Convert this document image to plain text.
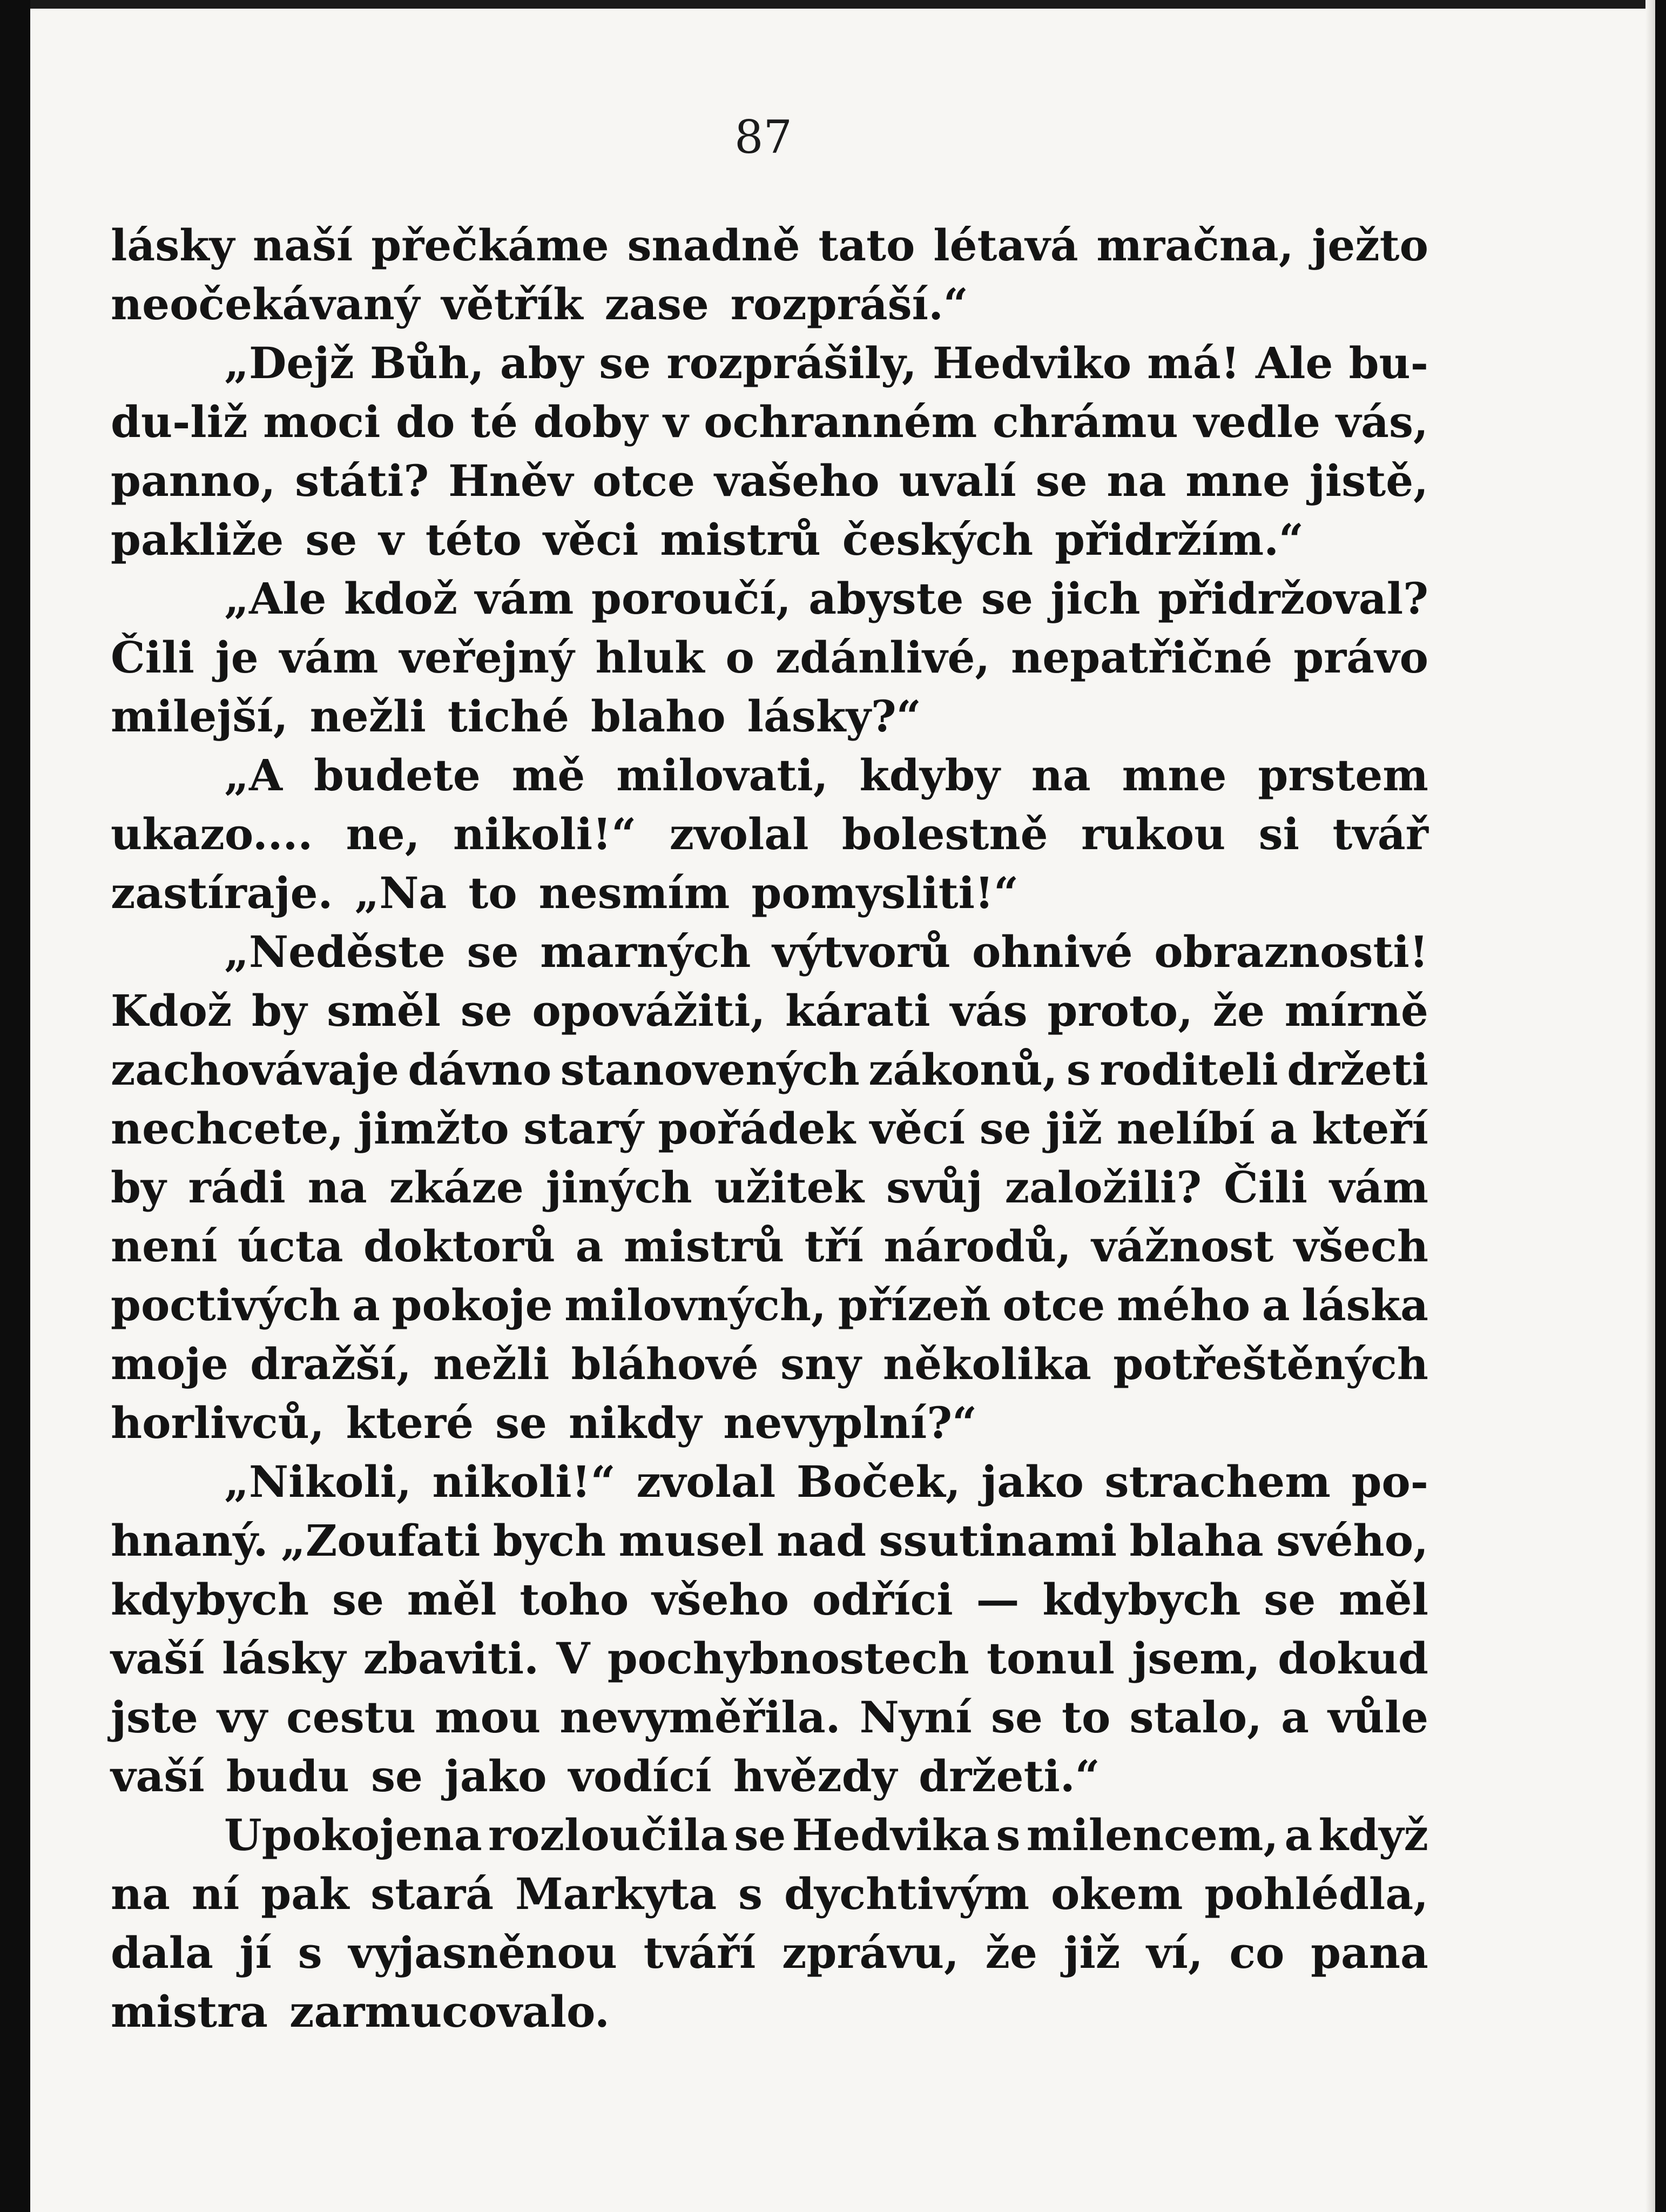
87
lásky naší přečkáme snadně tato létavá mračna, ježto
neočekávaný větřík zase rozpráší.“
„Dejž Bůh, aby se rozprášily, Hedviko má! Ale bu-
du-liž moci do té doby v ochranném chrámu vedle vás,
panno, státi? Hněv otce vašeho uvalí se na mne jistě,
pakliže se v této věci mistrů českých přidržím.“
„Ale kdož vám poroučí, abyste se jich přidržoval?
Čili je vám veřejný hluk o zdánlivé, nepatřičné právo
milejší, nežli tiché blaho lásky?“
„A budete mě milovati, kdyby na mne prstem
ukazo.... ne, nikoli!“ zvolal bolestně rukou si tvář
zastíraje. „Na to nesmím pomysliti!“
„Neděste se marných výtvorů ohnivé obraznosti!
Kdož by směl se opovážiti, kárati vás proto, že mírně
zachovávaje dávno stanovených zákonů, s roditeli držeti
nechcete, jimžto starý pořádek věcí se již nelíbí a kteří
by rádi na zkáze jiných užitek svůj založili? Čili vám
není úcta doktorů a mistrů tří národů, vážnost všech
poctivých a pokoje milovných, přízeň otce mého a láska
moje dražší, nežli bláhové sny několika potřeštěných
horlivců, které se nikdy nevyplní?“
„Nikoli, nikoli!“ zvolal Boček, jako strachem po-
hnaný. „Zoufati bych musel nad ssutinami blaha svého,
kdybych se měl toho všeho odříci — kdybych se měl
vaší lásky zbaviti. V pochybnostech tonul jsem, dokud
jste vy cestu mou nevyměřila. Nyní se to stalo, a vůle
vaší budu se jako vodící hvězdy držeti.“
Upokojena rozloučila se Hedvika s milencem, a když
na ní pak stará Markyta s dychtivým okem pohlédla,
dala jí s vyjasněnou tváří zprávu, že již ví, co pana
mistra zarmucovalo.
